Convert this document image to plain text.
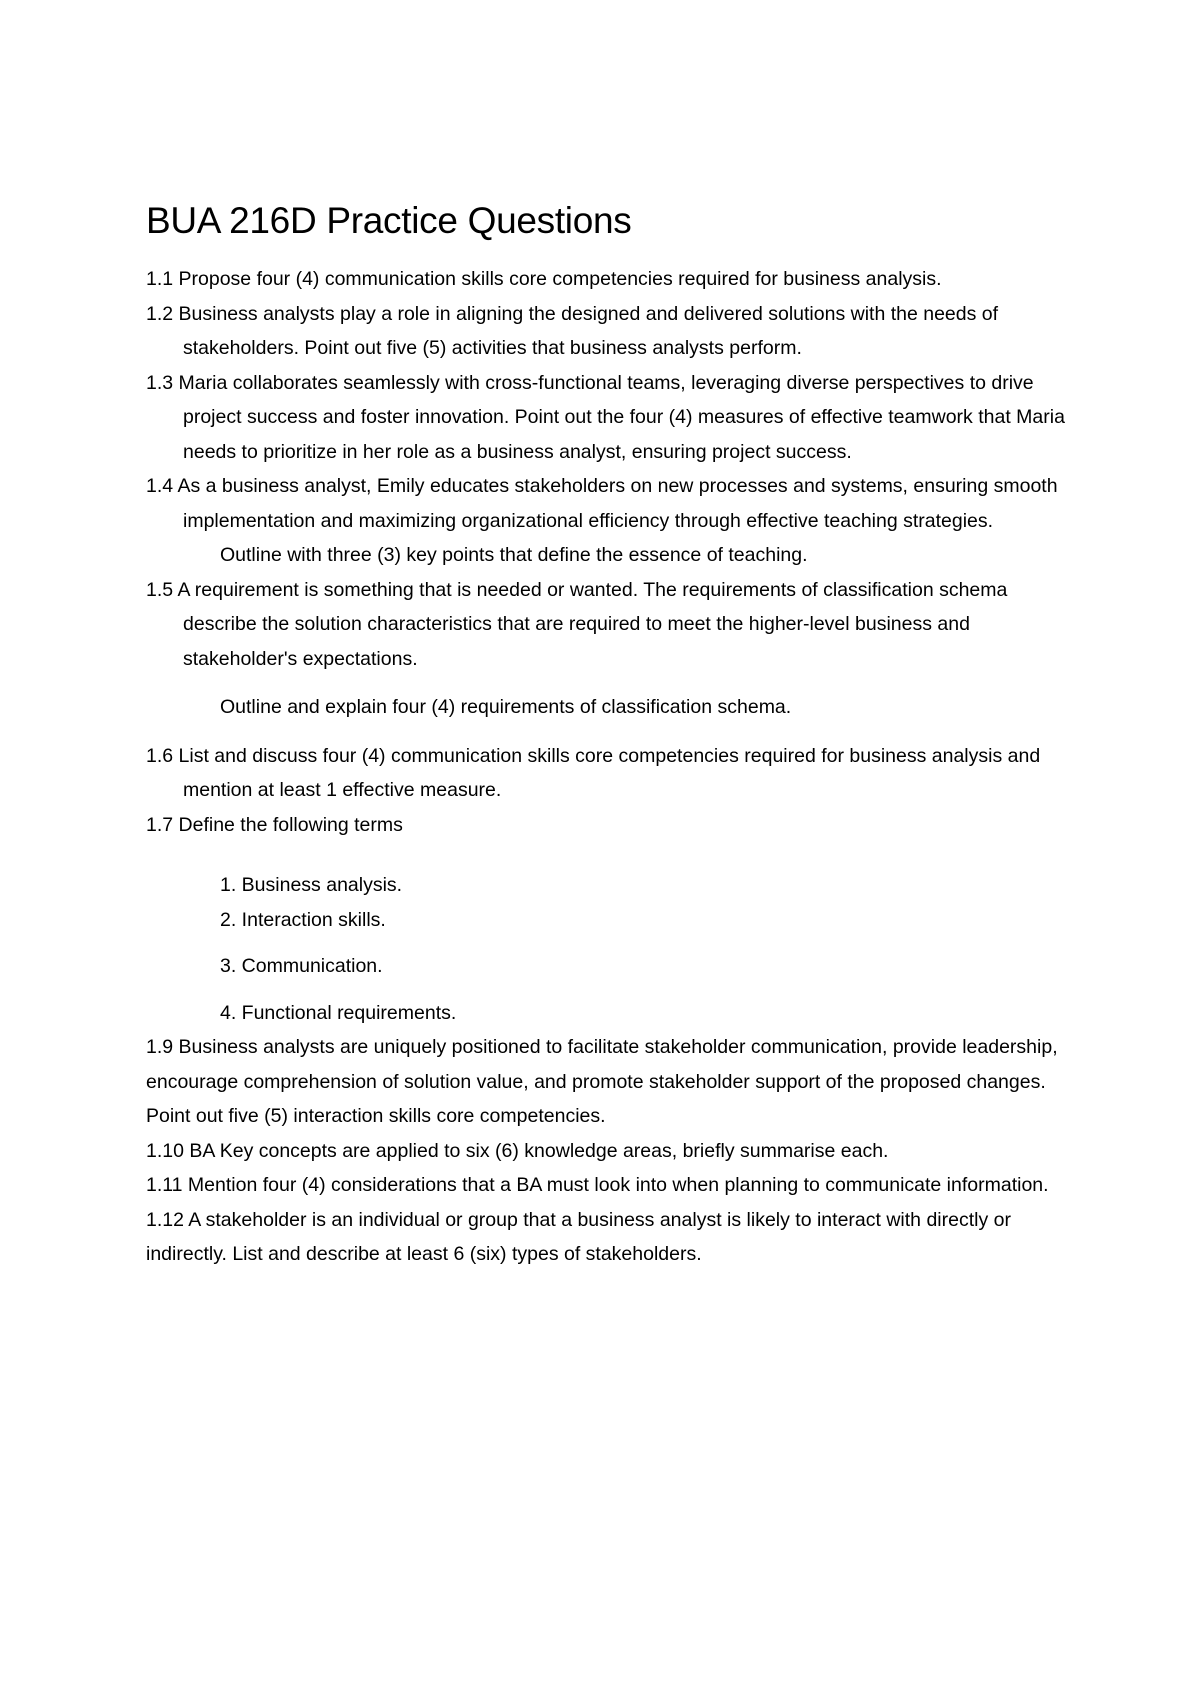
BUA 216D Practice Questions

1.1 Propose four (4) communication skills core competencies required for business analysis.

1.2 Business analysts play a role in aligning the designed and delivered solutions with the needs of stakeholders. Point out five (5) activities that business analysts perform.

1.3 Maria collaborates seamlessly with cross-functional teams, leveraging diverse perspectives to drive project success and foster innovation. Point out the four (4) measures of effective teamwork that Maria needs to prioritize in her role as a business analyst, ensuring project success.

1.4 As a business analyst, Emily educates stakeholders on new processes and systems, ensuring smooth implementation and maximizing organizational efficiency through effective teaching strategies.

Outline with three (3) key points that define the essence of teaching.

1.5 A requirement is something that is needed or wanted. The requirements of classification schema describe the solution characteristics that are required to meet the higher-level business and stakeholder's expectations.

Outline and explain four (4) requirements of classification schema.

1.6 List and discuss four (4) communication skills core competencies required for business analysis and mention at least 1 effective measure.

1.7 Define the following terms

1. Business analysis.
2. Interaction skills.
3. Communication.
4. Functional requirements.

1.9 Business analysts are uniquely positioned to facilitate stakeholder communication, provide leadership, encourage comprehension of solution value, and promote stakeholder support of the proposed changes.

Point out five (5) interaction skills core competencies.

1.10 BA Key concepts are applied to six (6) knowledge areas, briefly summarise each.

1.11 Mention four (4) considerations that a BA must look into when planning to communicate information.

1.12 A stakeholder is an individual or group that a business analyst is likely to interact with directly or indirectly. List and describe at least 6 (six) types of stakeholders.
